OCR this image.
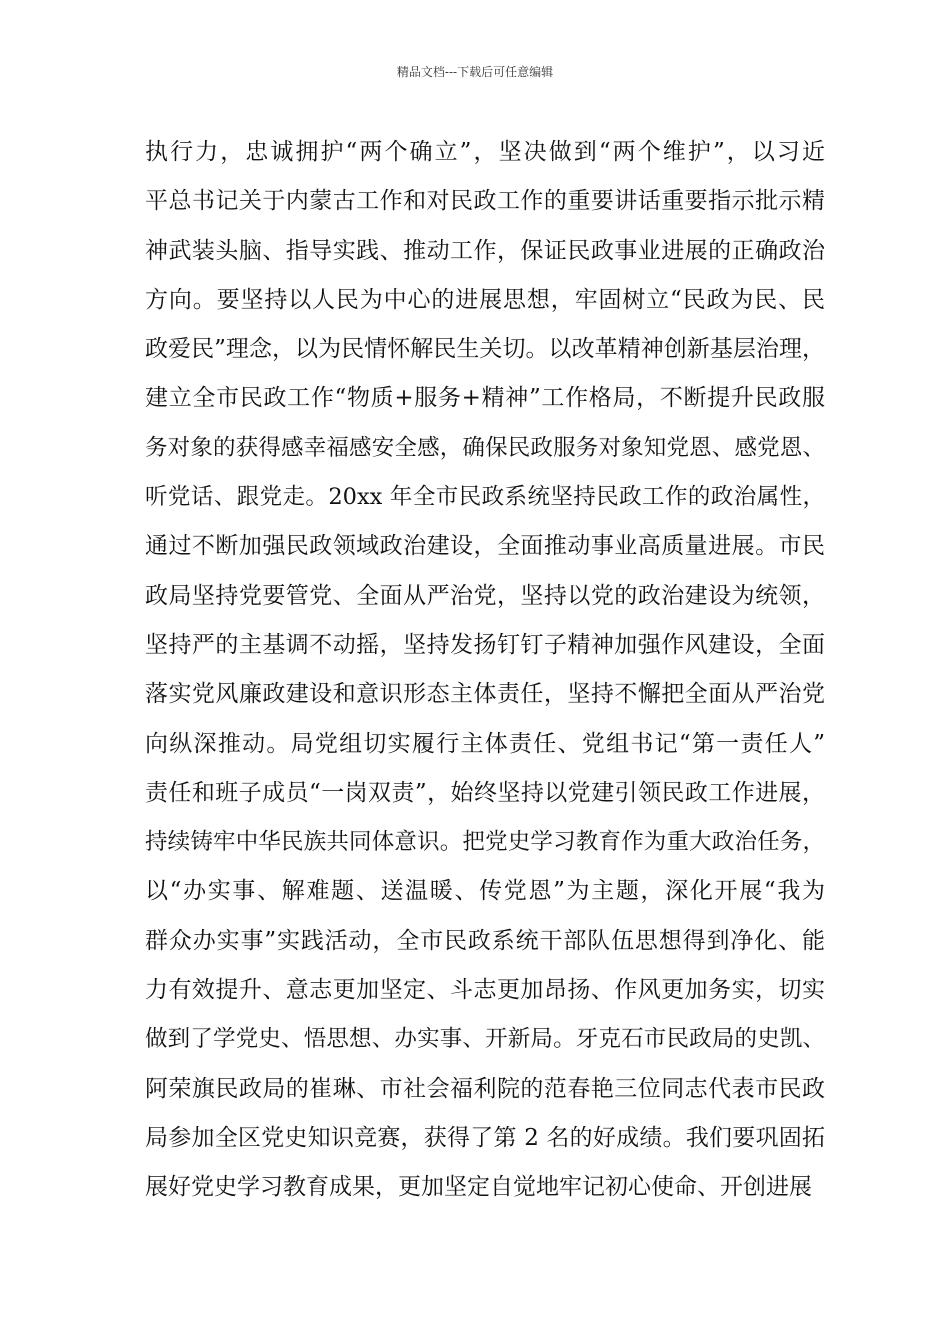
精品文档---下载后可任意编辑
执行力，忠诚拥护“两个确立”，坚决做到“两个维护”，以习近
平总书记关于内蒙古工作和对民政工作的重要讲话重要指示批示精
神武装头脑、指导实践、推动工作，保证民政事业进展的正确政治
方向。要坚持以人民为中心的进展思想，牢固树立“民政为民、民
政爱民”理念，以为民情怀解民生关切。以改革精神创新基层治理，
建立全市民政工作“物质+服务+精神”工作格局，不断提升民政服
务对象的获得感幸福感安全感，确保民政服务对象知党恩、感党恩、
听党话、跟党走。20xx 年全市民政系统坚持民政工作的政治属性，
通过不断加强民政领域政治建设，全面推动事业高质量进展。市民
政局坚持党要管党、全面从严治党，坚持以党的政治建设为统领，
坚持严的主基调不动摇，坚持发扬钉钉子精神加强作风建设，全面
落实党风廉政建设和意识形态主体责任，坚持不懈把全面从严治党
向纵深推动。局党组切实履行主体责任、党组书记“第一责任人”
责任和班子成员“一岗双责”，始终坚持以党建引领民政工作进展，
持续铸牢中华民族共同体意识。把党史学习教育作为重大政治任务，
以“办实事、解难题、送温暖、传党恩”为主题，深化开展“我为
群众办实事”实践活动，全市民政系统干部队伍思想得到净化、能
力有效提升、意志更加坚定、斗志更加昂扬、作风更加务实，切实
做到了学党史、悟思想、办实事、开新局。牙克石市民政局的史凯、
阿荣旗民政局的崔琳、市社会福利院的范春艳三位同志代表市民政
局参加全区党史知识竞赛，获得了第 2 名的好成绩。我们要巩固拓
展好党史学习教育成果，更加坚定自觉地牢记初心使命、开创进展
